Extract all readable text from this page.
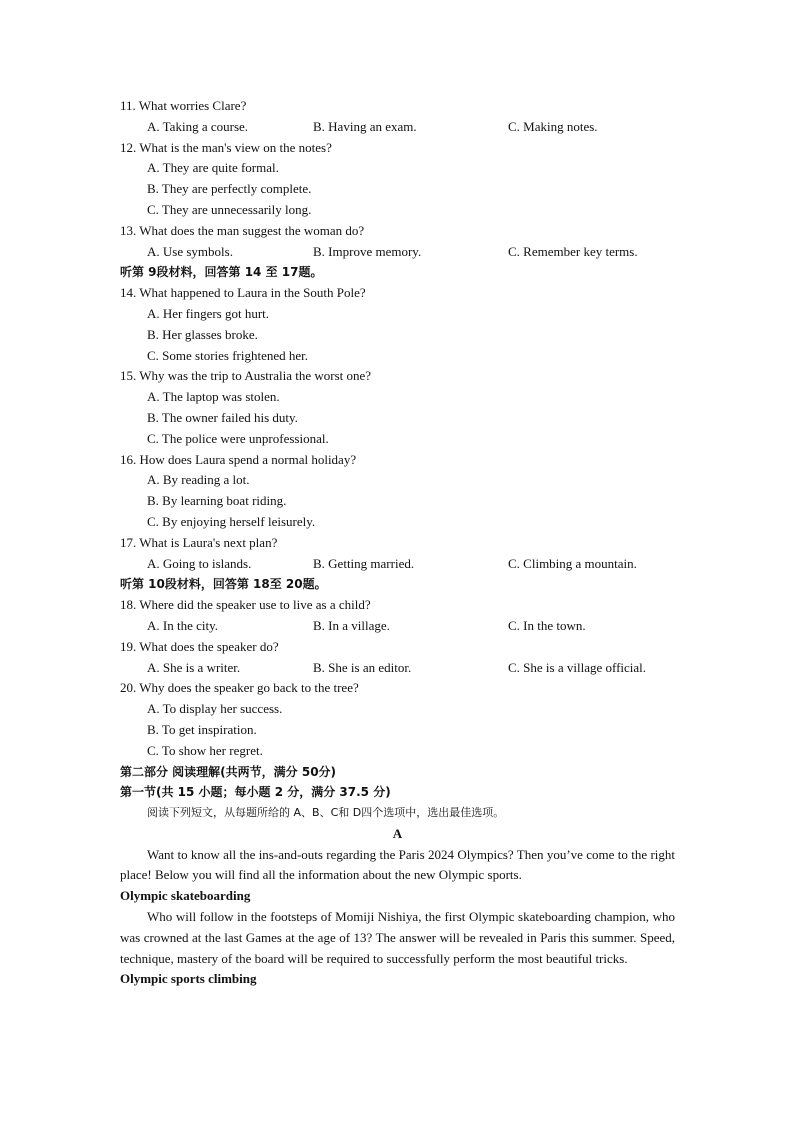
11. What worries Clare?

A. Taking a course.	B. Having an exam.	C. Making notes.

12. What is the man's view on the notes?

A. They are quite formal.

B. They are perfectly complete.

C. They are unnecessarily long.

13. What does the man suggest the woman do?

A. Use symbols.	B. Improve memory.	C. Remember key terms.

听第 9段材料，回答第 14 至 17题。

14. What happened to Laura in the South Pole?

A. Her fingers got hurt.

B. Her glasses broke.

C. Some stories frightened her.

15. Why was the trip to Australia the worst one?

A. The laptop was stolen.

B. The owner failed his duty.

C. The police were unprofessional.

16. How does Laura spend a normal holiday?

A. By reading a lot.

B. By learning boat riding.

C. By enjoying herself leisurely.

17. What is Laura's next plan?

A. Going to islands.	B. Getting married.	C. Climbing a mountain.

听第 10段材料，回答第 18至 20题。

18. Where did the speaker use to live as a child?

A. In the city.	B. In a village.	C. In the town.

19. What does the speaker do?

A. She is a writer.	B. She is an editor.	C. She is a village official.

20. Why does the speaker go back to the tree?

A. To display her success.

B. To get inspiration.

C. To show her regret.

第二部分 阅读理解(共两节，满分 50分)

第一节(共 15 小题；每小题 2 分，满分 37.5 分)

阅读下列短文，从每题所给的 A、B、C和 D四个选项中，选出最佳选项。

A

Want to know all the ins-and-outs regarding the Paris 2024 Olympics? Then you’ve come to the right place! Below you will find all the information about the new Olympic sports.

Olympic skateboarding

Who will follow in the footsteps of Momiji Nishiya, the first Olympic skateboarding champion, who was crowned at the last Games at the age of 13? The answer will be revealed in Paris this summer. Speed, technique, mastery of the board will be required to successfully perform the most beautiful tricks.

Olympic sports climbing
